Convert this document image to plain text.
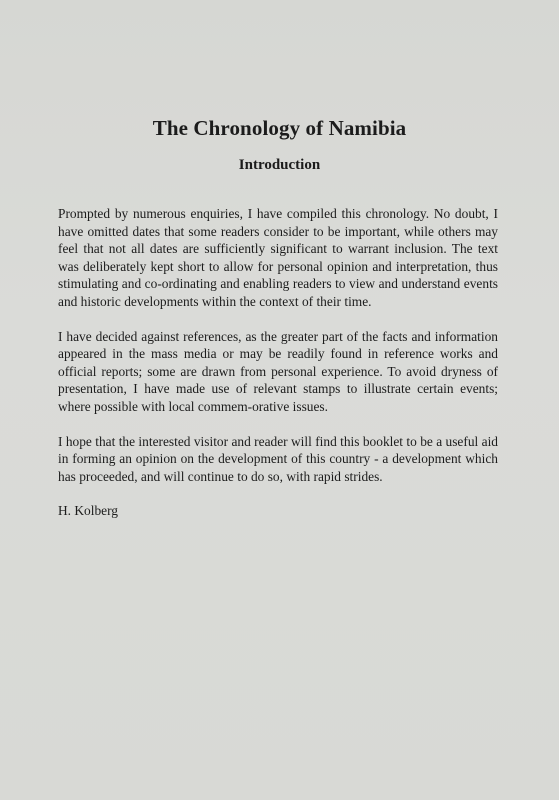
The Chronology of Namibia
Introduction

Prompted by numerous enquiries, I have compiled this chronology. No doubt, I have omitted dates that some readers consider to be important, while others may feel that not all dates are sufficiently significant to warrant inclusion. The text was deliberately kept short to allow for personal opinion and interpretation, thus stimulating and co-ordinating and enabling readers to view and understand events and historic developments within the context of their time.

I have decided against references, as the greater part of the facts and information appeared in the mass media or may be readily found in reference works and official reports; some are drawn from personal experience. To avoid dryness of presentation, I have made use of relevant stamps to illustrate certain events; where possible with local commem-orative issues.

I hope that the interested visitor and reader will find this booklet to be a useful aid in forming an opinion on the development of this country - a development which has proceeded, and will continue to do so, with rapid strides.

H. Kolberg
